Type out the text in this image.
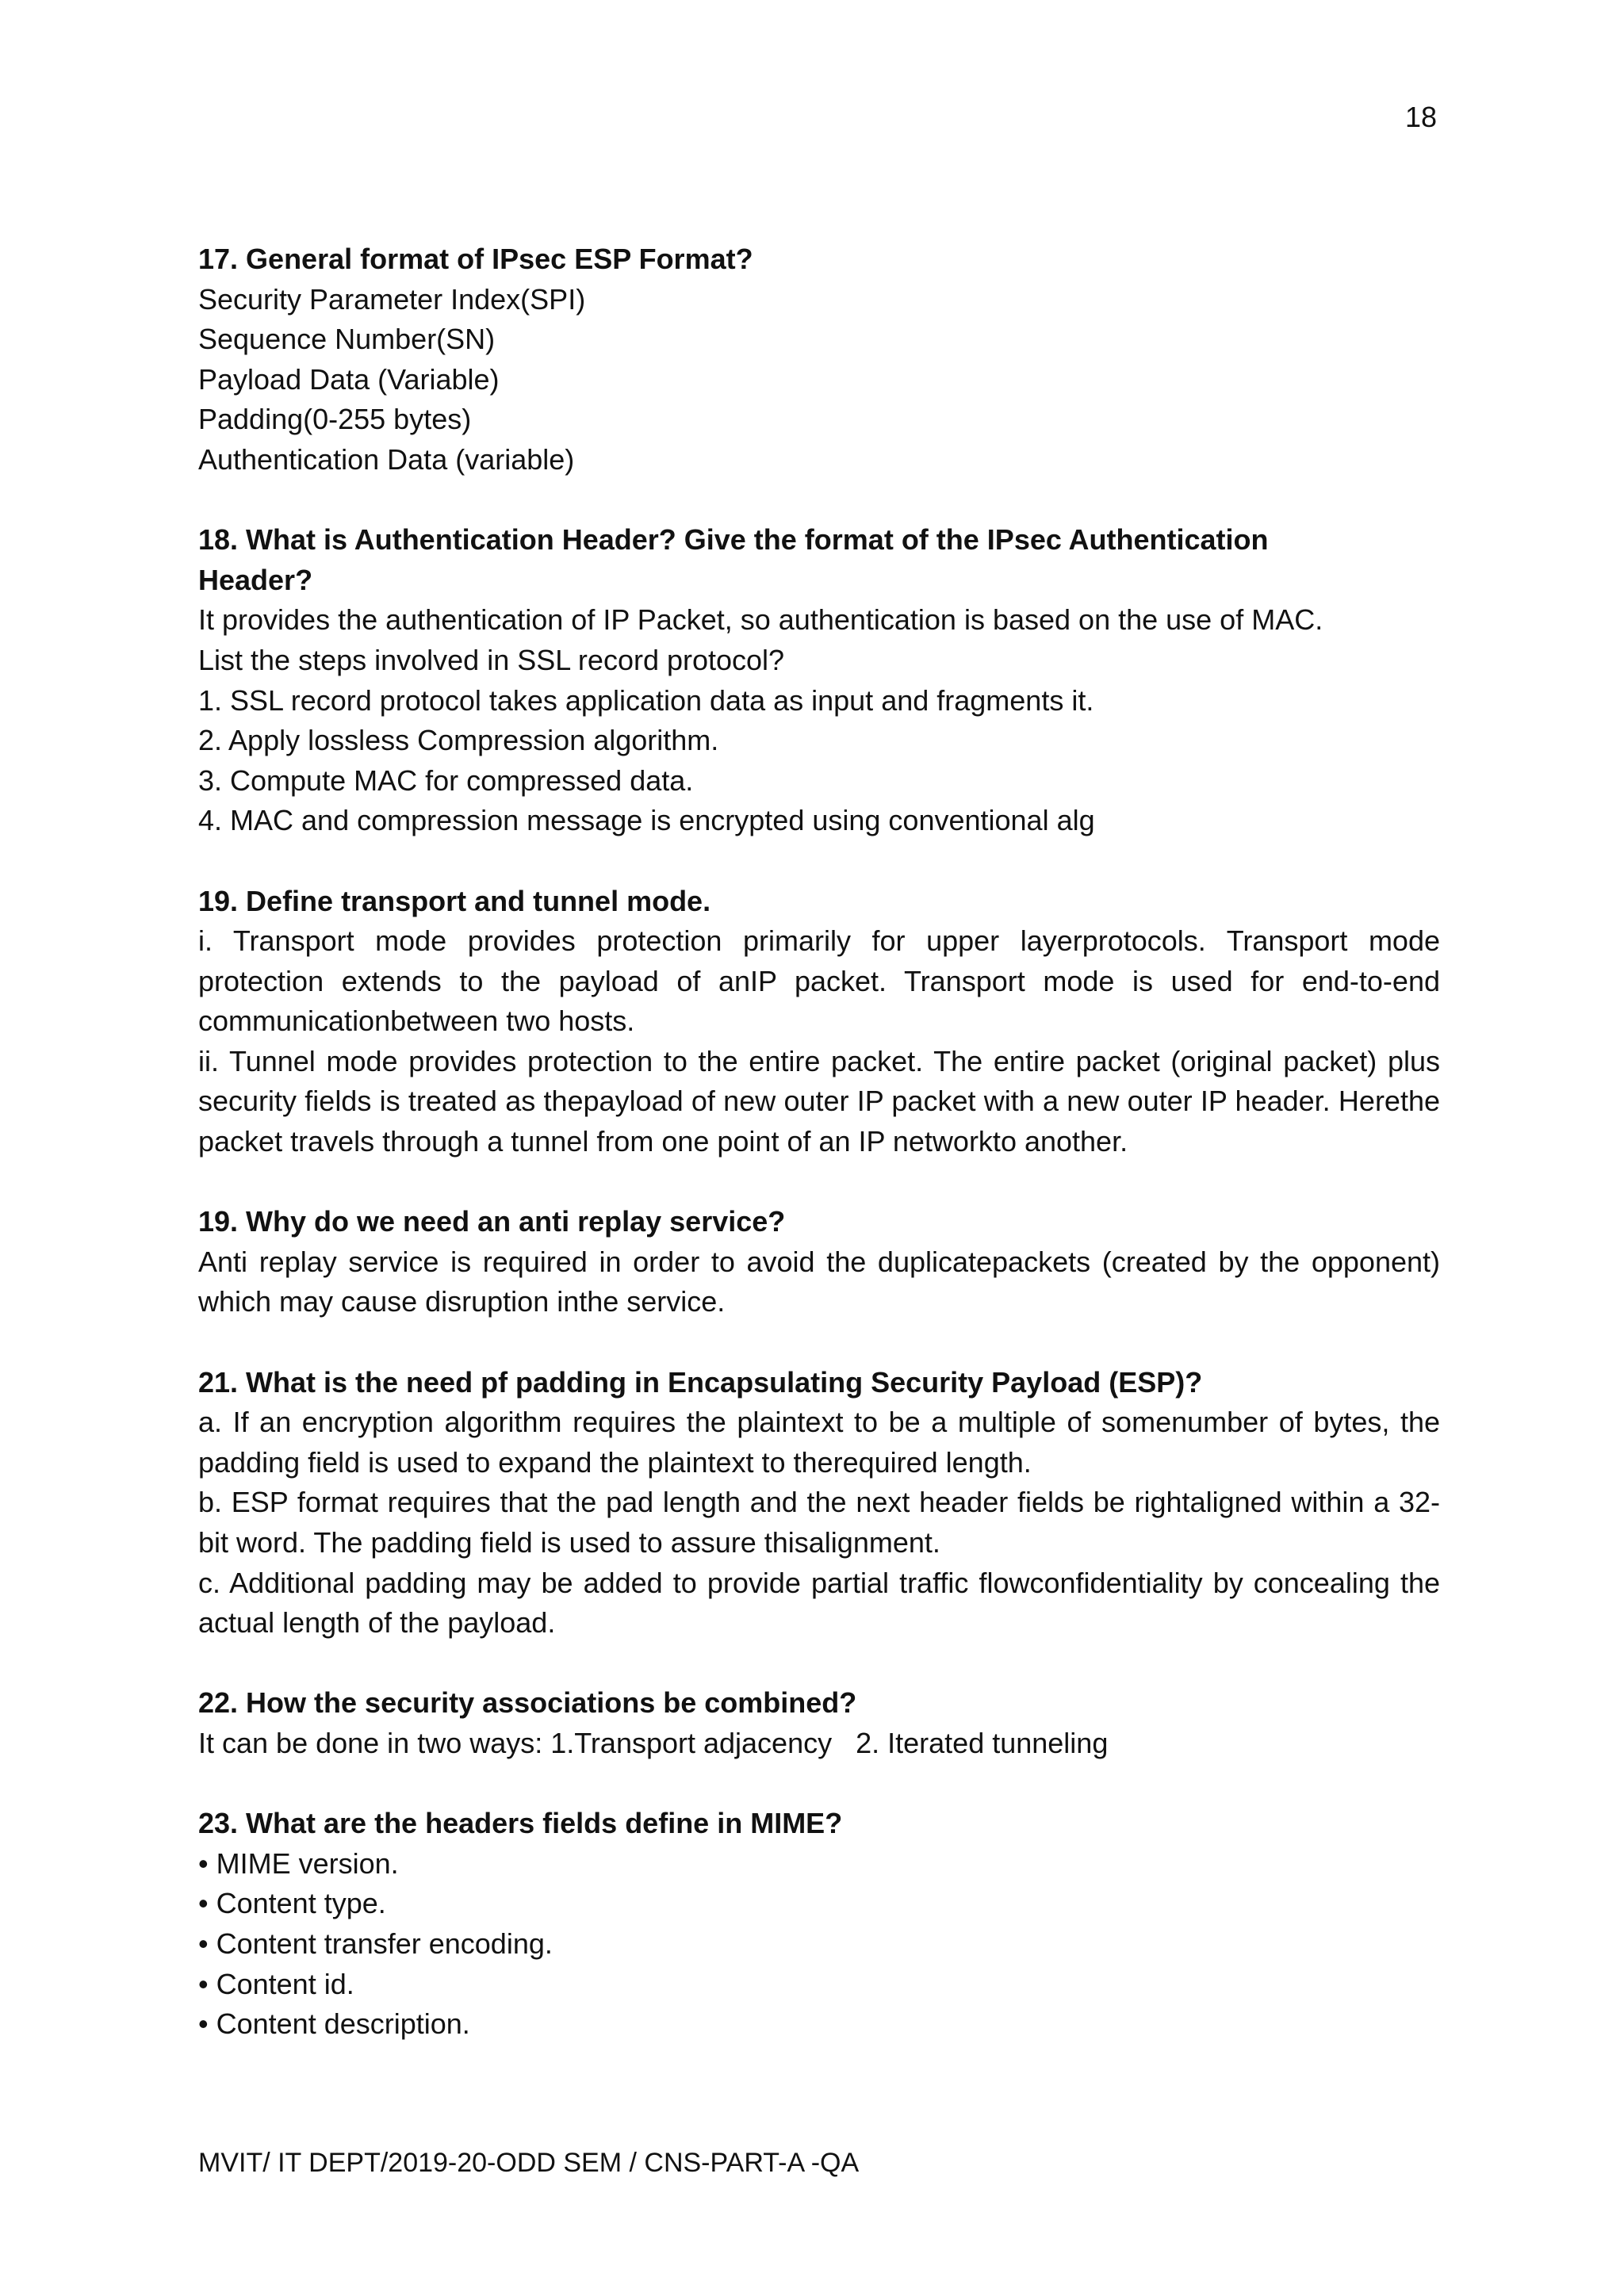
18

17. General format of IPsec ESP Format?

Security Parameter Index(SPI)

Sequence Number(SN)

Payload Data (Variable)

Padding(0-255 bytes)

Authentication Data (variable)

18. What is Authentication Header? Give the format of the IPsec Authentication

Header?

It provides the authentication of IP Packet, so authentication is based on the use of MAC.

List the steps involved in SSL record protocol?

1. SSL record protocol takes application data as input and fragments it.

2. Apply lossless Compression algorithm.

3. Compute MAC for compressed data.

4. MAC and compression message is encrypted using conventional alg

19. Define transport and tunnel mode.

i. Transport mode provides protection primarily for upper layerprotocols. Transport mode protection extends to the payload of anIP packet. Transport mode is used for end-to-end communicationbetween two hosts.

ii. Tunnel mode provides protection to the entire packet. The entire packet (original packet) plus security fields is treated as thepayload of new outer IP packet with a new outer IP header. Herethe packet travels through a tunnel from one point of an IP networkto another.

19. Why do we need an anti replay service?

Anti replay service is required in order to avoid the duplicatepackets (created by the opponent) which may cause disruption inthe service.

21. What is the need pf padding in Encapsulating Security Payload (ESP)?

a. If an encryption algorithm requires the plaintext to be a multiple of somenumber of bytes, the padding field is used to expand the plaintext to therequired length.

b. ESP format requires that the pad length and the next header fields be rightaligned within a 32-bit word. The padding field is used to assure thisalignment.

c. Additional padding may be added to provide partial traffic flowconfidentiality by concealing the actual length of the payload.

22. How the security associations be combined?

It can be done in two ways: 1.Transport adjacency 2. Iterated tunneling

23. What are the headers fields define in MIME?

• MIME version.

• Content type.

• Content transfer encoding.

• Content id.

• Content description.

MVIT/ IT DEPT/2019-20-ODD SEM / CNS-PART-A -QA
